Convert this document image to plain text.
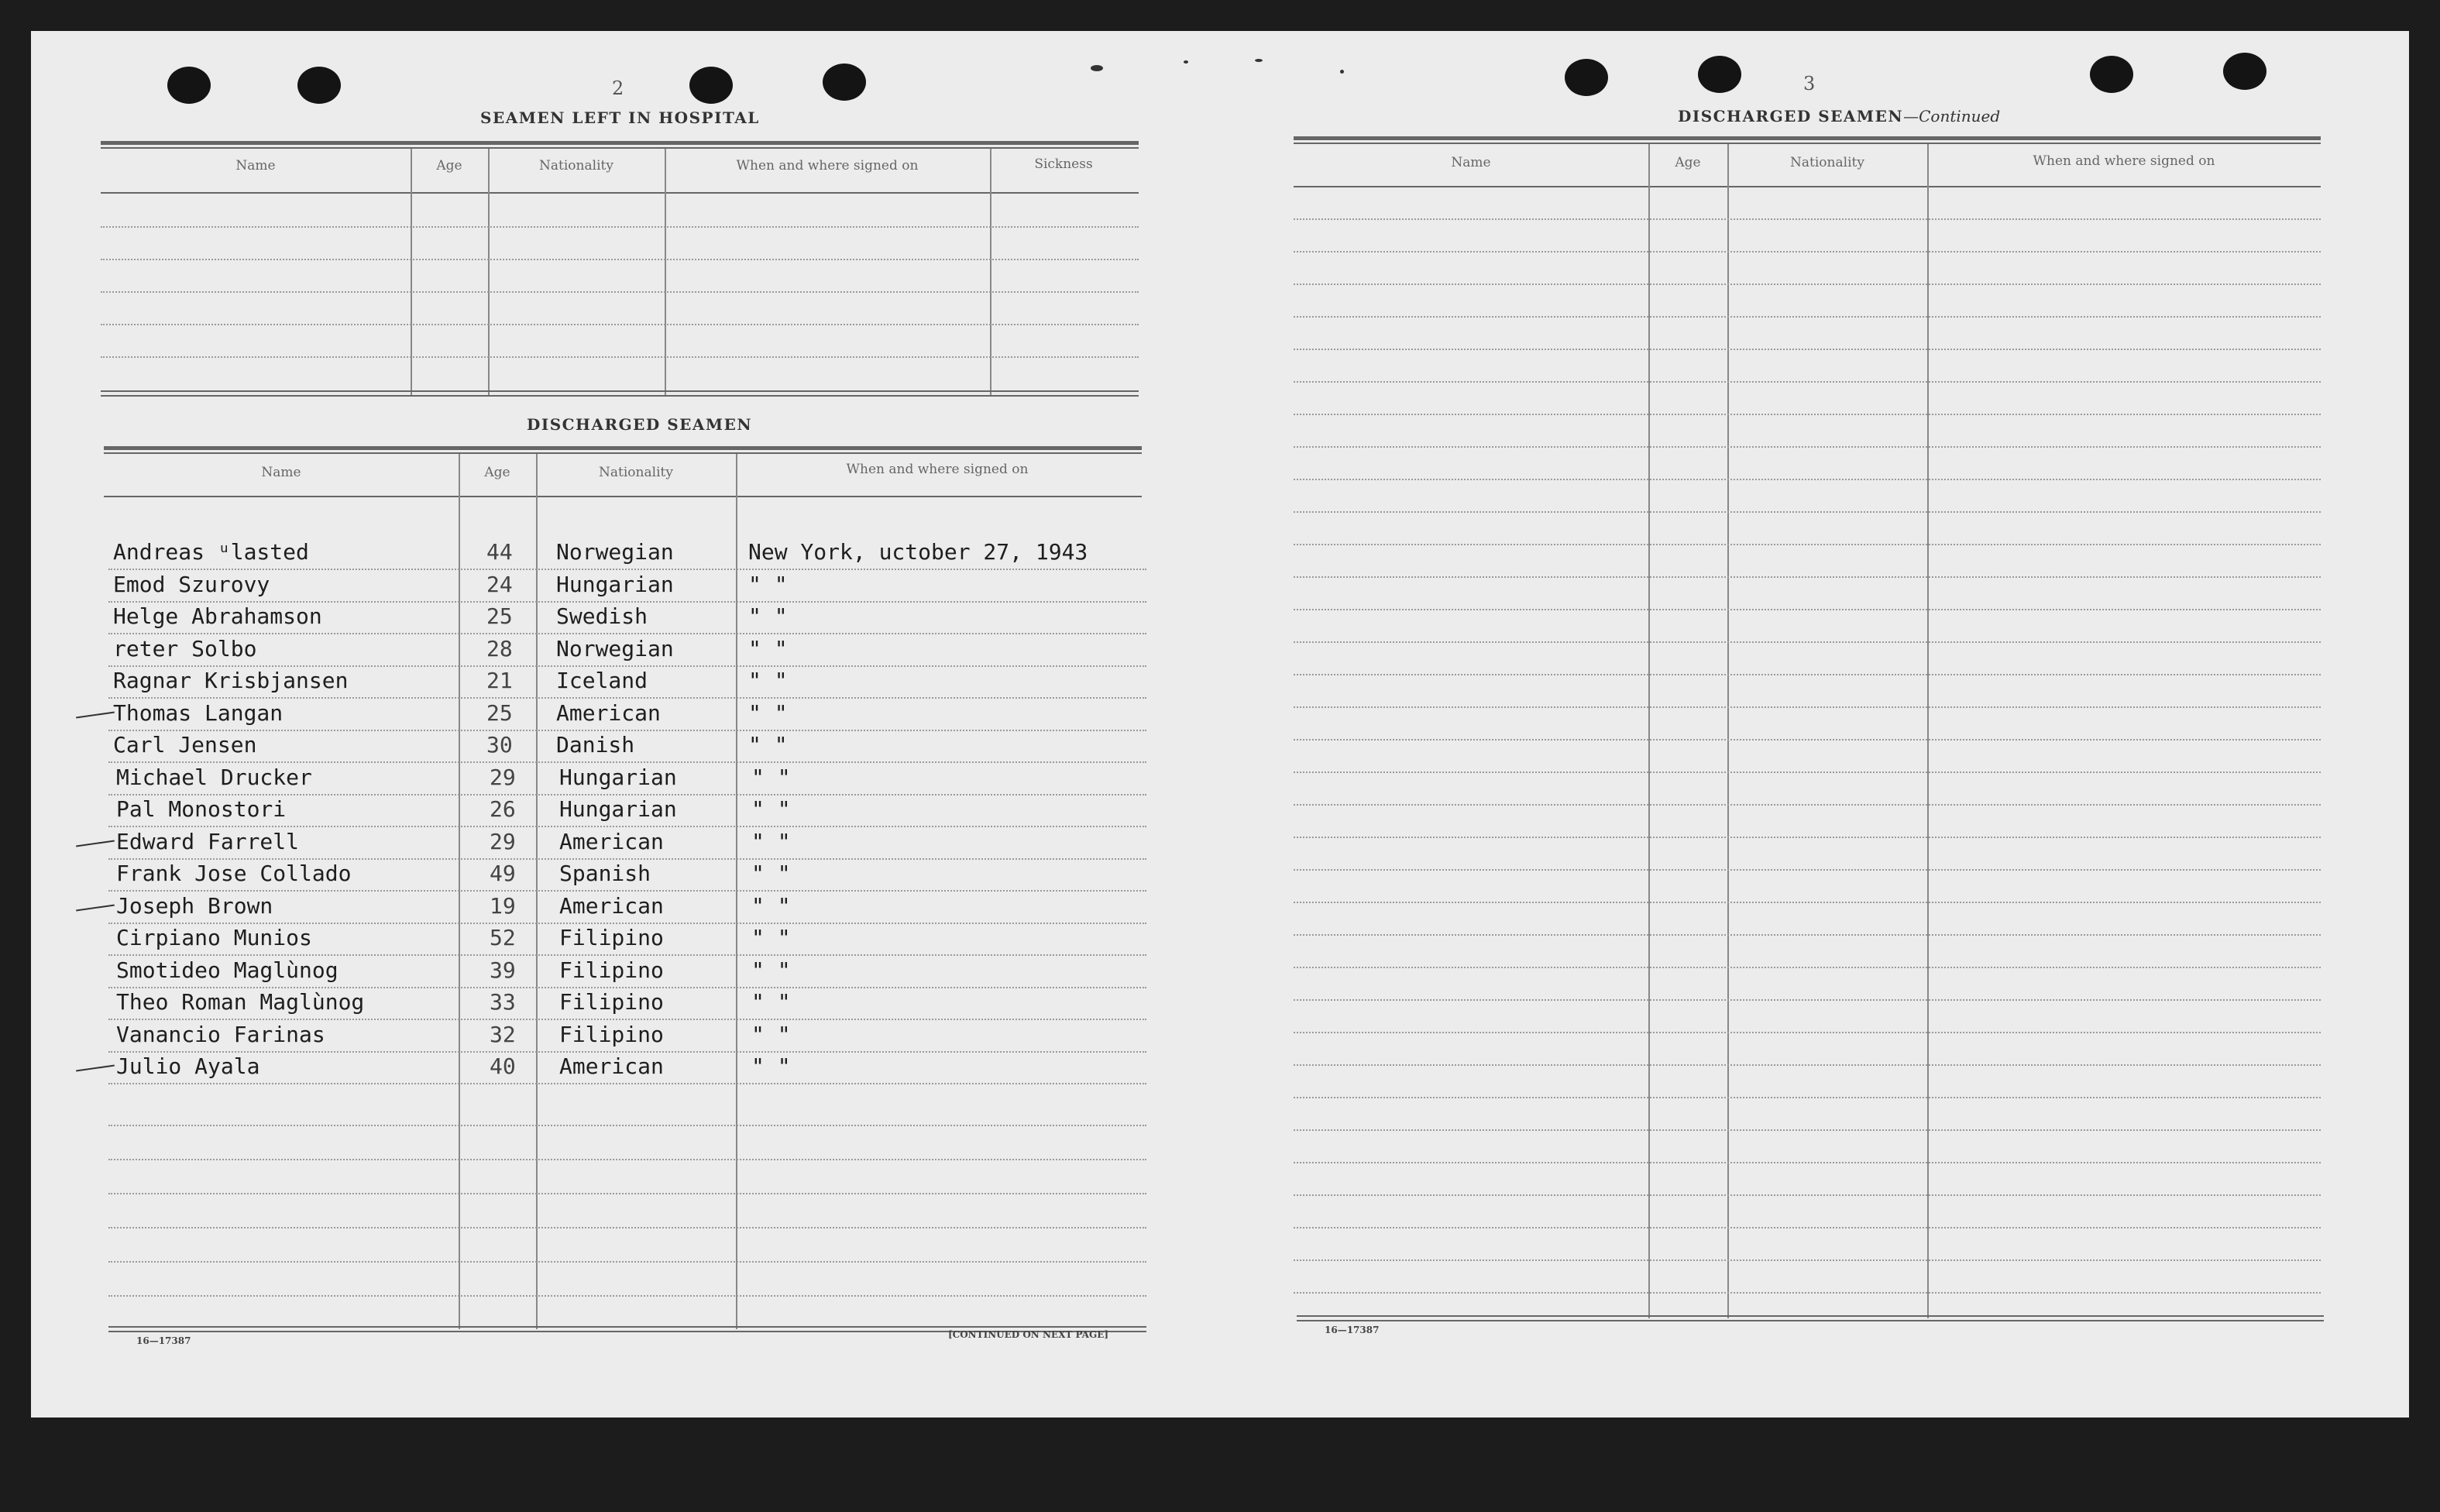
2
SEAMEN LEFT IN HOSPITAL
Name	Age	Nationality	When and where signed on	Sickness
DISCHARGED SEAMEN
Name	Age	Nationality	When and where signed on
Andreas ᵘlasted	44 Norwegian	New York, uctober 27, 1943
Emod Szurovy	24 Hungarian	" "
Helge Abrahamson	25 Swedish	" "
reter Solbo	28 Norwegian	" "
Ragnar Krisbjansen	21 Iceland	" "
Thomas Langan	25 American	" "
Carl Jensen	30 Danish	" "
Michael Drucker	29 Hungarian	" "
Pal Monostori	26 Hungarian	" "
Edward Farrell	29 American	" "
Frank Jose Collado	49 Spanish	" "
Joseph Brown	19 American	" "
Cirpiano Munios	52 Filipino	" "
Smotideo Maglùnog	39 Filipino	" "
Theo Roman Maglùnog	33 Filipino	" "
Vanancio Farinas	32 Filipino	" "
Julio Ayala	40 American	" "
16—17387
[CONTINUED ON NEXT PAGE]
3
DISCHARGED SEAMEN—Continued
Name	Age	Nationality	When and where signed on
16—17387
